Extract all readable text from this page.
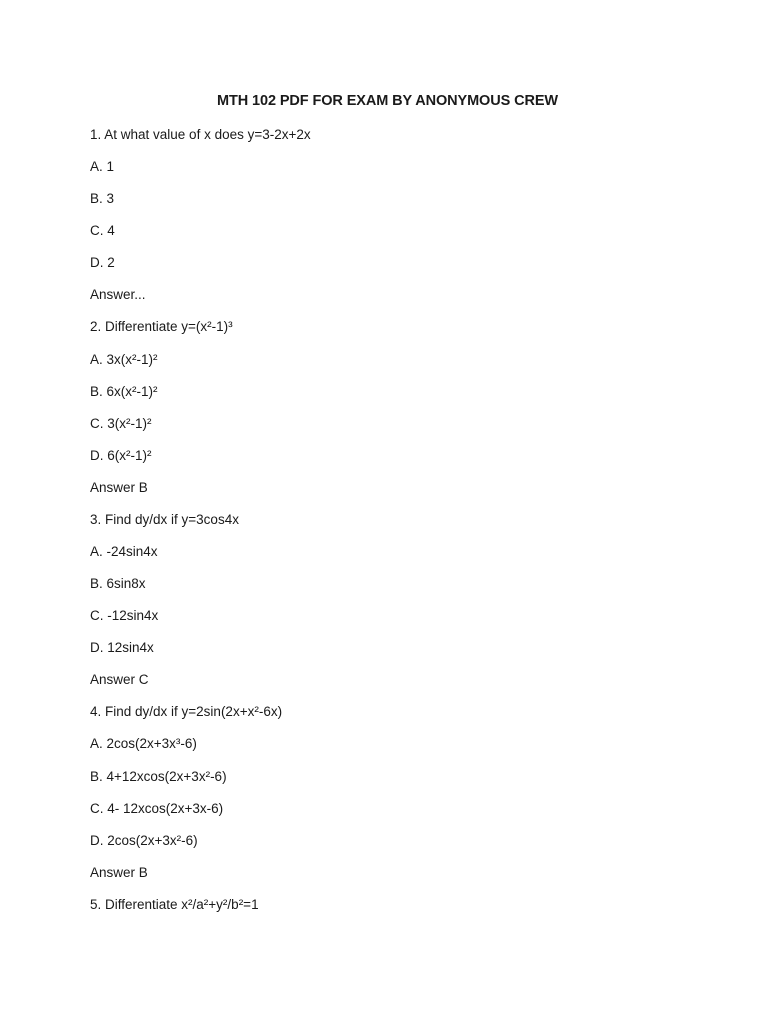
MTH 102 PDF FOR EXAM BY ANONYMOUS CREW
1. At what value of x does y=3-2x+2x
A. 1
B. 3
C. 4
D. 2
Answer...
2. Differentiate y=(x²-1)³
A. 3x(x²-1)²
B. 6x(x²-1)²
C. 3(x²-1)²
D. 6(x²-1)²
Answer B
3. Find dy/dx if y=3cos4x
A. -24sin4x
B. 6sin8x
C. -12sin4x
D. 12sin4x
Answer C
4. Find dy/dx if y=2sin(2x+x²-6x)
A. 2cos(2x+3x³-6)
B. 4+12xcos(2x+3x²-6)
C. 4- 12xcos(2x+3x-6)
D. 2cos(2x+3x²-6)
Answer B
5. Differentiate x²/a²+y²/b²=1
